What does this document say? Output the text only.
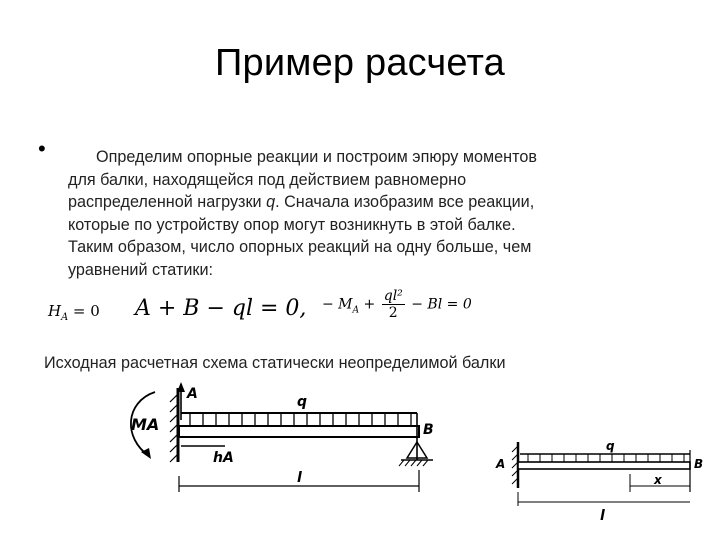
Пример расчета
•	Определим опорные реакции и построим эпюру моментов
для балки, находящейся под действием равномерно
распределенной нагрузки q. Сначала изобразим все реакции,
которые по устройству опор могут возникнуть в этой балке.
Таким образом, число опорных реакций на одну больше, чем
уравнений статики:
$H_A = 0$ A + B − ql = 0, − $M_A + \frac{\text{ql²}}{2} - Bl = 0$
Исходная расчетная схема статически неопределимой балки
A
MA
q
B
hA
l
A
q
B
x
l
